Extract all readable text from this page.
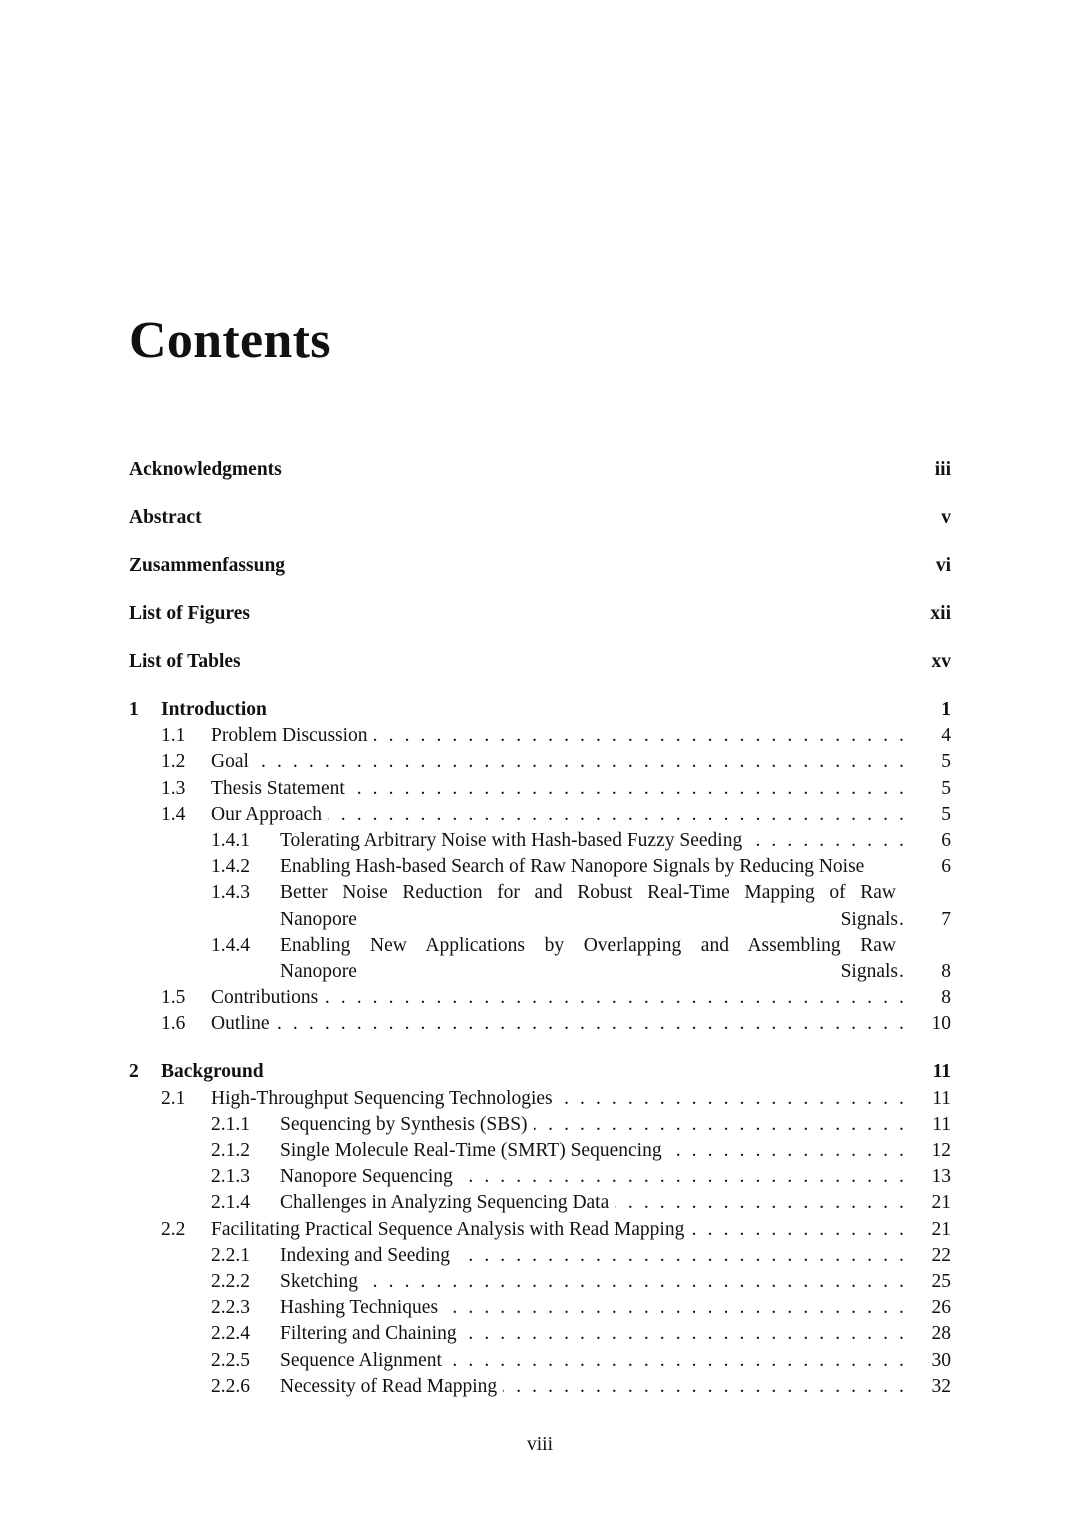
Contents
Acknowledgments	iii
Abstract	v
Zusammenfassung	vi
List of Figures	xii
List of Tables	xv
1 Introduction	1
1.1 Problem Discussion . . .	4
1.2 Goal . . .	5
1.3 Thesis Statement . . .	5
1.4 Our Approach . . .	5
1.4.1 Tolerating Arbitrary Noise with Hash-based Fuzzy Seeding . . .	6
1.4.2 Enabling Hash-based Search of Raw Nanopore Signals by Reducing Noise	6
1.4.3 Better Noise Reduction for and Robust Real-Time Mapping of Raw
Nanopore Signals . . .	7
1.4.4 Enabling New Applications by Overlapping and Assembling Raw
Nanopore Signals . . .	8
1.5 Contributions . . .	8
1.6 Outline . . .	10
2 Background	11
2.1 High-Throughput Sequencing Technologies . . .	11
2.1.1 Sequencing by Synthesis (SBS) . . .	11
2.1.2 Single Molecule Real-Time (SMRT) Sequencing . . .	12
2.1.3 Nanopore Sequencing . . .	13
2.1.4 Challenges in Analyzing Sequencing Data . . .	21
2.2 Facilitating Practical Sequence Analysis with Read Mapping . . .	21
2.2.1 Indexing and Seeding . . .	22
2.2.2 Sketching . . .	25
2.2.3 Hashing Techniques . . .	26
2.2.4 Filtering and Chaining . . .	28
2.2.5 Sequence Alignment . . .	30
2.2.6 Necessity of Read Mapping . . .	32
viii
